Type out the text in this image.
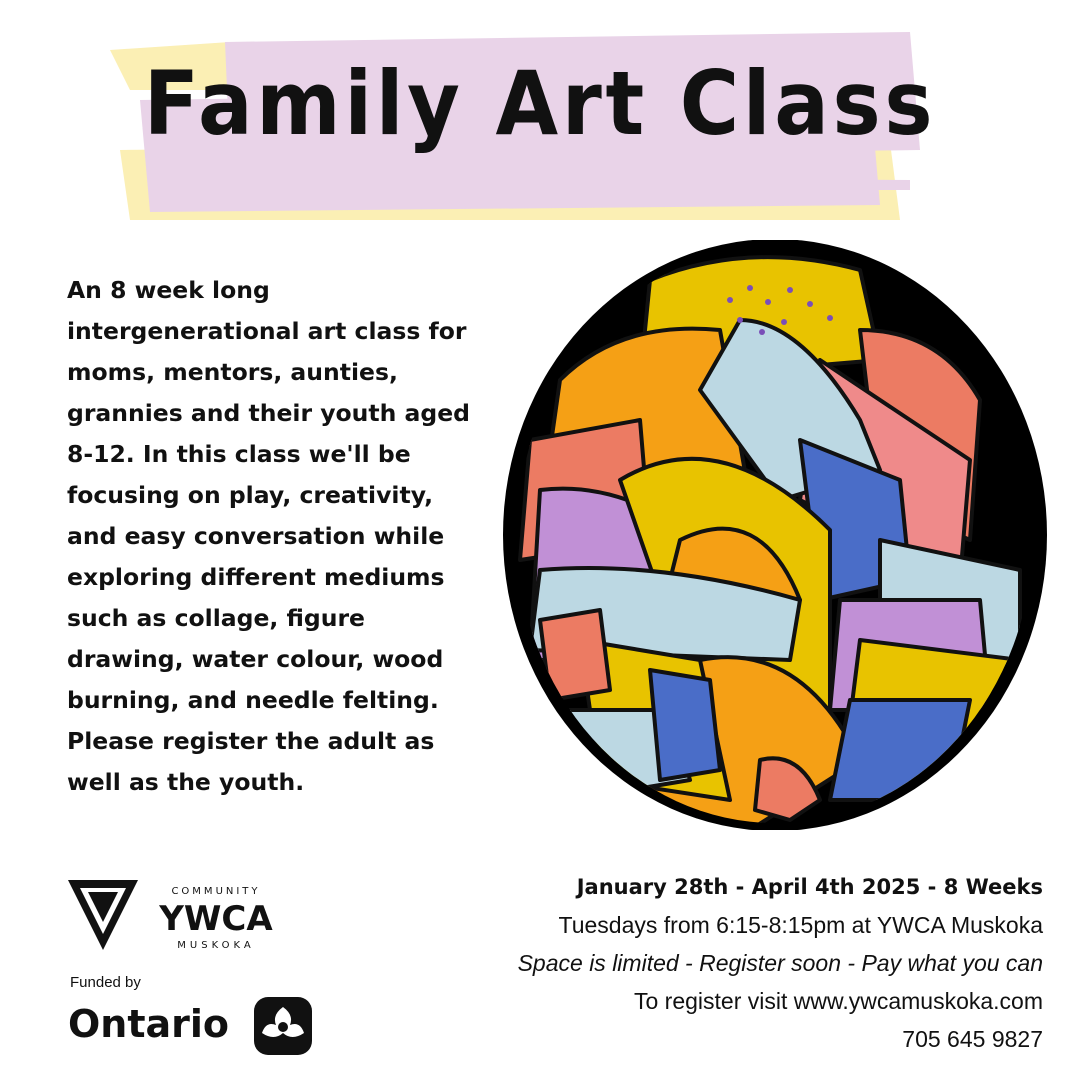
Family Art Class

An 8 week long intergenerational art class for moms, mentors, aunties, grannies and their youth aged 8-12. In this class we'll be focusing on play, creativity, and easy conversation while exploring different mediums such as collage, figure drawing, water colour, wood burning, and needle felting. Please register the adult as well as the youth.

January 28th - April 4th 2025 - 8 Weeks
Tuesdays from 6:15-8:15pm at YWCA Muskoka
Space is limited - Register soon - Pay what you can
To register visit www.ywcamuskoka.com
705 645 9827
COMMUNITY
YWCA
MUSKOKA
Funded by
Ontario
